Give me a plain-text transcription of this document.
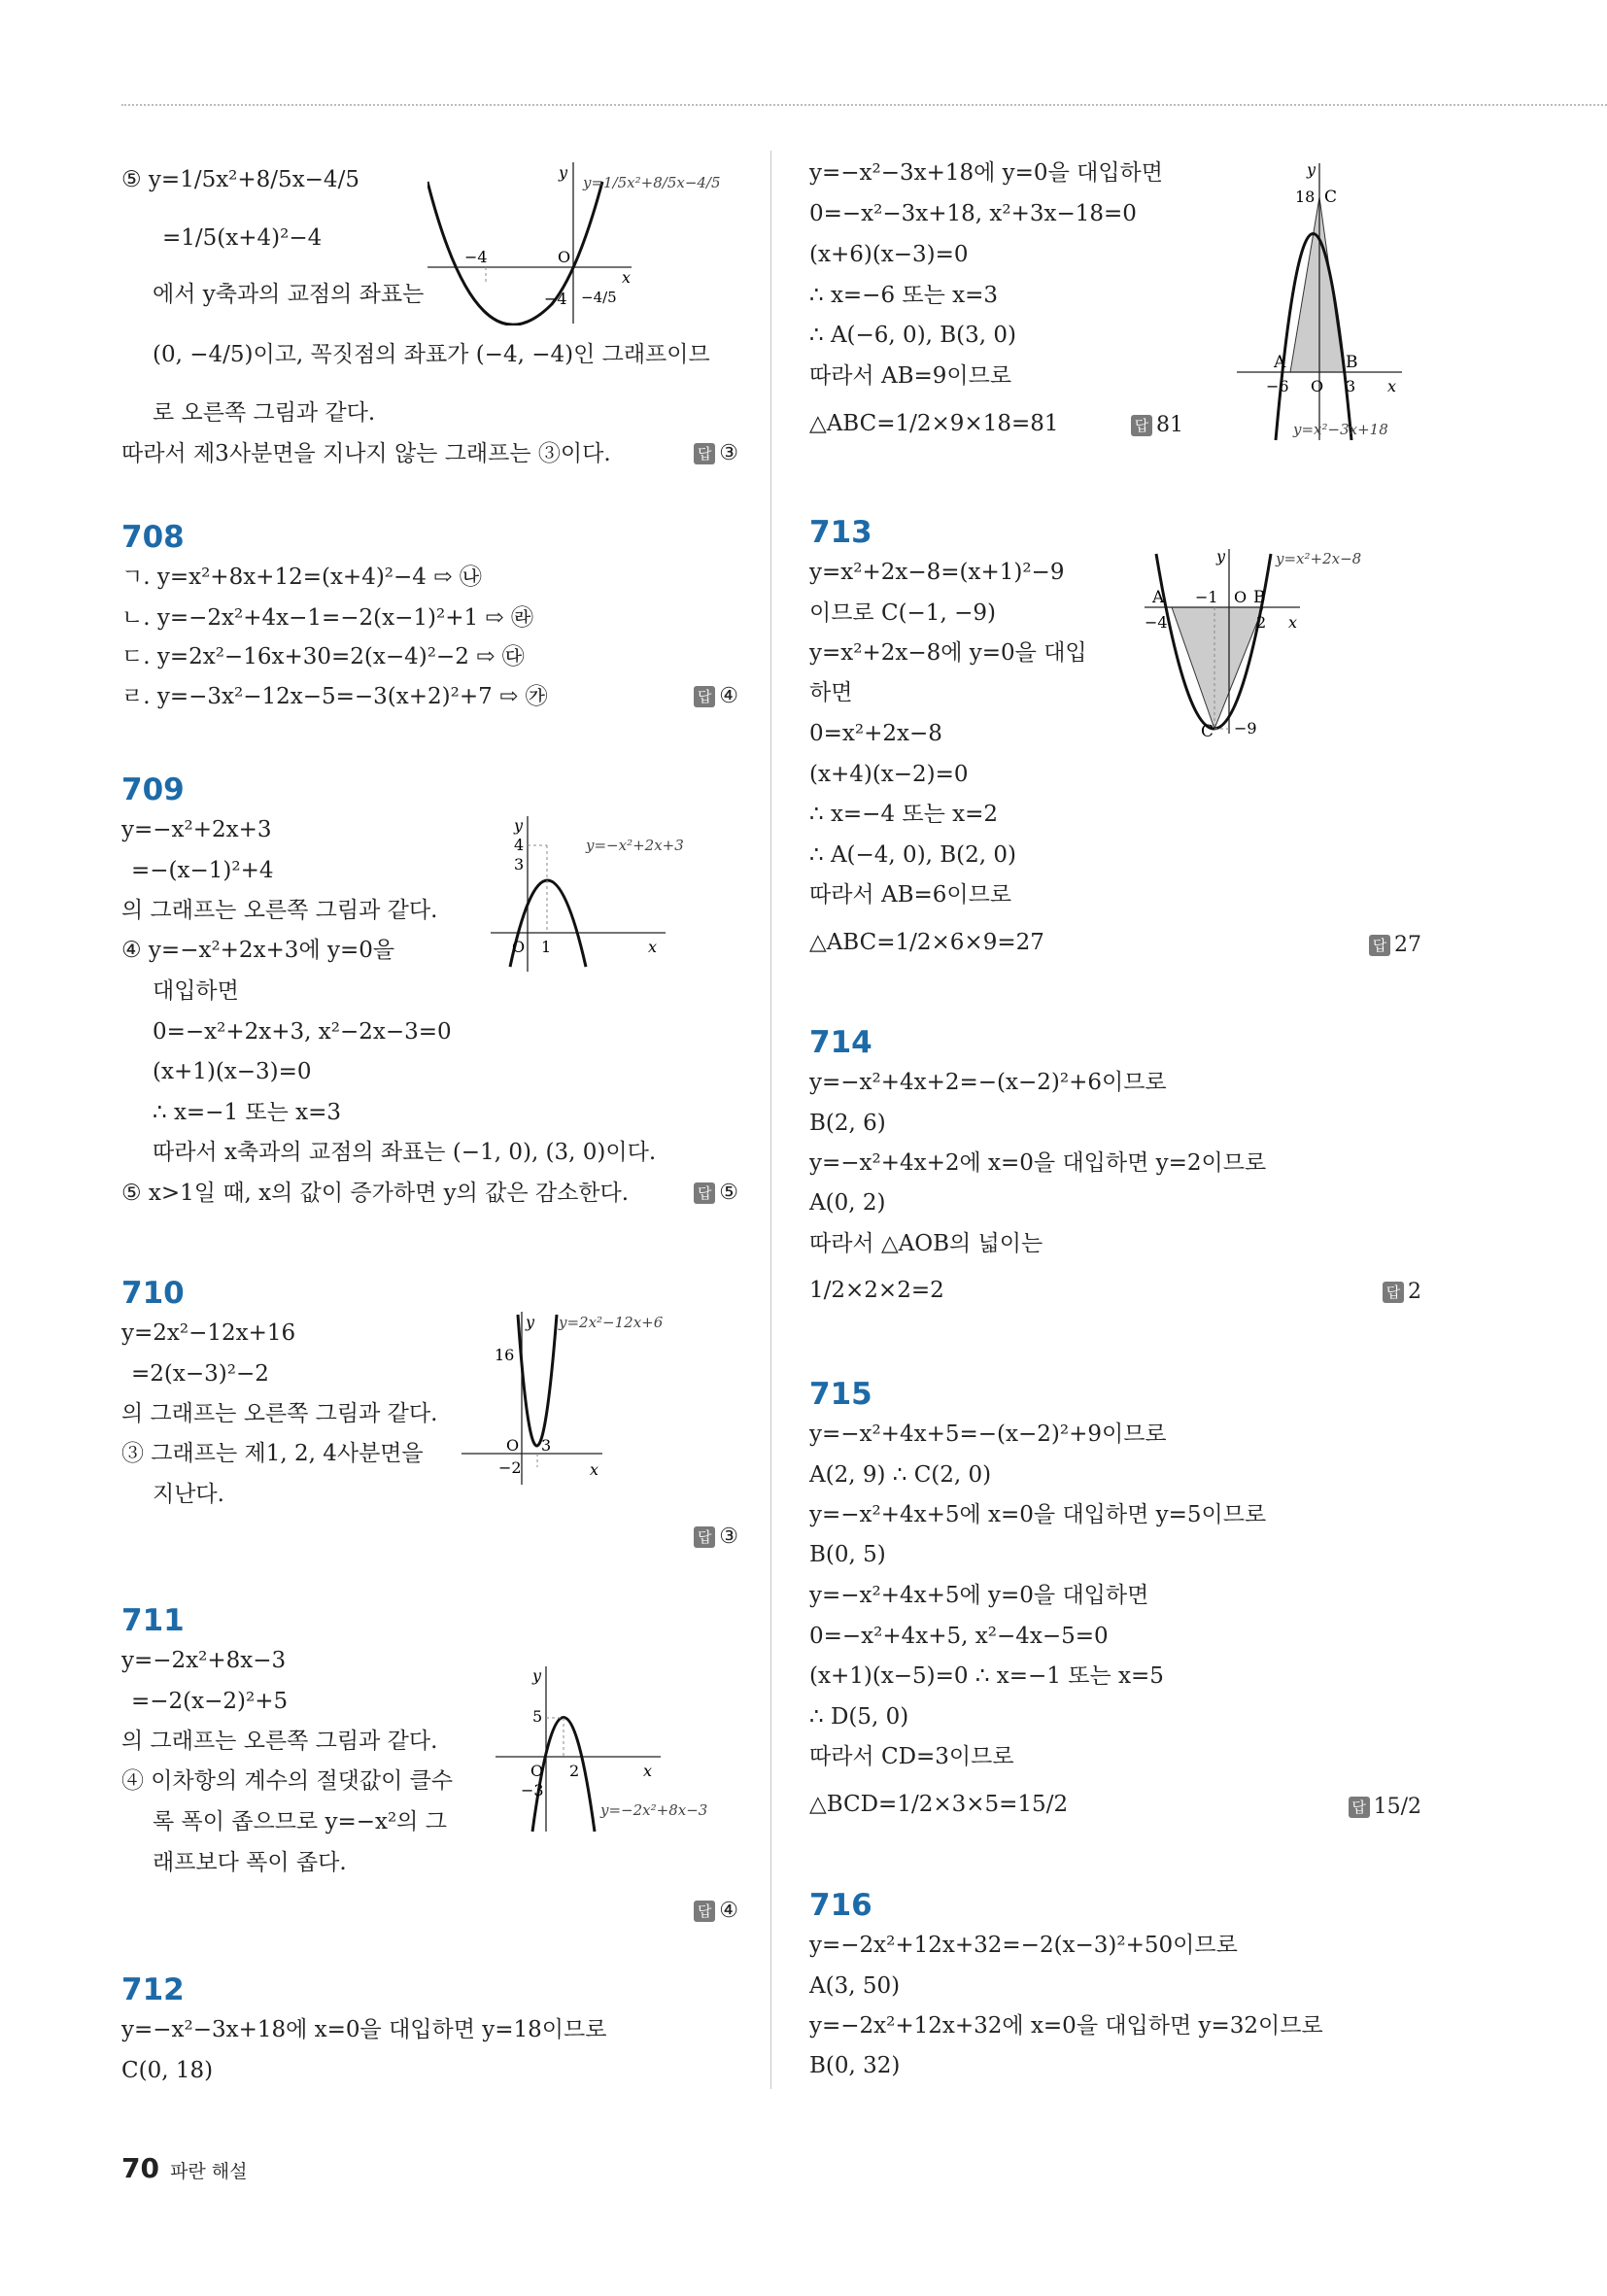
⑤ y=1/5x²+8/5x−4/5
=1/5(x+4)²−4
에서 y축과의 교점의 좌표는
(0, −4/5)이고, 꼭짓점의 좌표가 (−4, −4)인 그래프이므
로 오른쪽 그림과 같다.
따라서 제3사분면을 지나지 않는 그래프는 ③이다.	답 ③
y
x
O
−4
−4 −4/5
y=1/5x²+8/5x−4/5
708
ㄱ. y=x²+8x+12=(x+4)²−4 ⇨ ㉯
ㄴ. y=−2x²+4x−1=−2(x−1)²+1 ⇨ ㉱
ㄷ. y=2x²−16x+30=2(x−4)²−2 ⇨ ㉰
ㄹ. y=−3x²−12x−5=−3(x+2)²+7 ⇨ ㉮	답 ④
709
y=−x²+2x+3
=−(x−1)²+4
의 그래프는 오른쪽 그림과 같다.
④ y=−x²+2x+3에 y=0을
대입하면
0=−x²+2x+3, x²−2x−3=0
(x+1)(x−3)=0
∴ x=−1 또는 x=3
따라서 x축과의 교점의 좌표는 (−1, 0), (3, 0)이다.
⑤ x>1일 때, x의 값이 증가하면 y의 값은 감소한다.	답 ⑤
y
x
O
4
3
1
y=−x²+2x+3
710
y=2x²−12x+16
=2(x−3)²−2
의 그래프는 오른쪽 그림과 같다.
③ 그래프는 제1, 2, 4사분면을
지난다.
답 ③
y
x
O
16
3
−2
y=2x²−12x+6
711
y=−2x²+8x−3
=−2(x−2)²+5
의 그래프는 오른쪽 그림과 같다.
④ 이차항의 계수의 절댓값이 클수
록 폭이 좁으므로 y=−x²의 그
래프보다 폭이 좁다.
답 ④
y
x
O
5
2
−3
y=−2x²+8x−3
712
y=−x²−3x+18에 x=0을 대입하면 y=18이므로
C(0, 18)
y=−x²−3x+18에 y=0을 대입하면
0=−x²−3x+18, x²+3x−18=0
(x+6)(x−3)=0
∴ x=−6 또는 x=3
∴ A(−6, 0), B(3, 0)
따라서 AB=9이므로
△ABC=1/2×9×18=81	답 81
y
x
O
A	B
C
−6	3
18
y=x²−3x+18
713
y=x²+2x−8=(x+1)²−9
이므로 C(−1, −9)
y=x²+2x−8에 y=0을 대입
하면
0=x²+2x−8
(x+4)(x−2)=0
∴ x=−4 또는 x=2
∴ A(−4, 0), B(2, 0)
따라서 AB=6이므로
△ABC=1/2×6×9=27	답 27
y
x
O
A	B
C
−1
−4	2
−9
y=x²+2x−8
714
y=−x²+4x+2=−(x−2)²+6이므로
B(2, 6)
y=−x²+4x+2에 x=0을 대입하면 y=2이므로
A(0, 2)
따라서 △AOB의 넓이는
1/2×2×2=2	답 2
715
y=−x²+4x+5=−(x−2)²+9이므로
A(2, 9) ∴ C(2, 0)
y=−x²+4x+5에 x=0을 대입하면 y=5이므로
B(0, 5)
y=−x²+4x+5에 y=0을 대입하면
0=−x²+4x+5, x²−4x−5=0
(x+1)(x−5)=0 ∴ x=−1 또는 x=5
∴ D(5, 0)
따라서 CD=3이므로
△BCD=1/2×3×5=15/2	답 15/2
716
y=−2x²+12x+32=−2(x−3)²+50이므로
A(3, 50)
y=−2x²+12x+32에 x=0을 대입하면 y=32이므로
B(0, 32)
70 파란 해설
